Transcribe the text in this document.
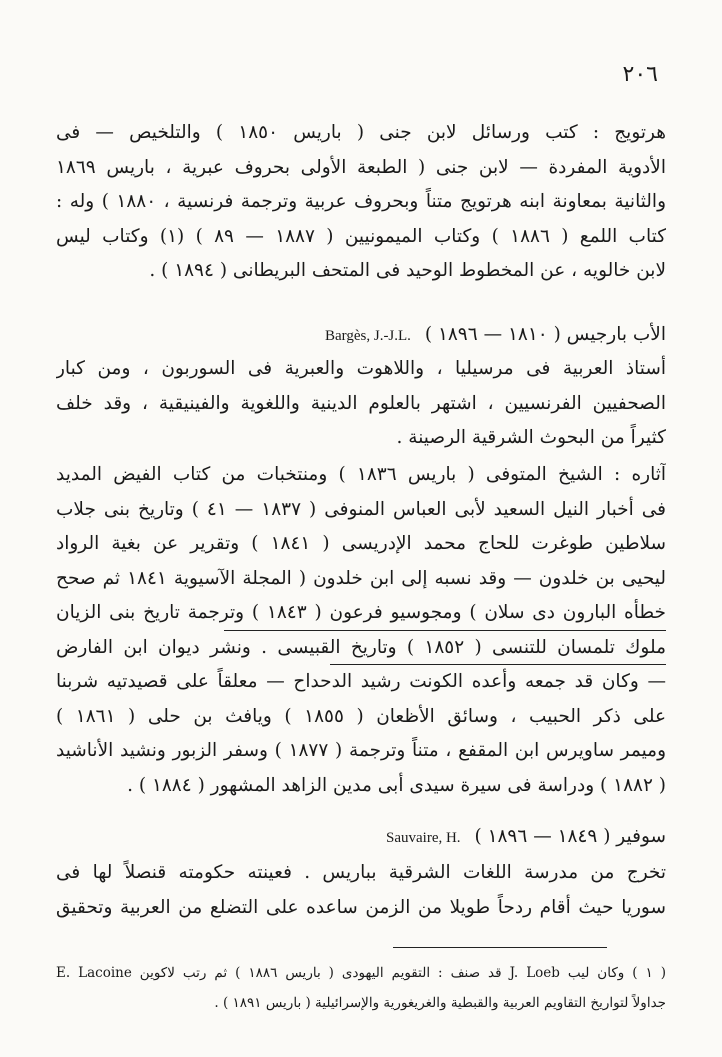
٢٠٦
هرتويج : كتب ورسائل لابن جنى ( باريس ١٨٥٠ ) والتلخيص — فى
الأدوية المفردة — لابن جنى ( الطبعة الأولى بحروف عبرية ، باريس ١٨٦٩
والثانية بمعاونة ابنه هرتويج متناً وبحروف عربية وترجمة فرنسية ، ١٨٨٠ ) وله :
كتاب اللمع ( ١٨٨٦ ) وكتاب الميمونيين ( ١٨٨٧ — ٨٩ ) (١) وكتاب ليس
لابن خالويه ، عن المخطوط الوحيد فى المتحف البريطانى ( ١٨٩٤ ) .
الأب بارجيس ( ١٨١٠ — ١٨٩٦ ) Bargès, J.-J.L.
أستاذ العربية فى مرسيليا ، واللاهوت والعبرية فى السوربون ، ومن كبار
الصحفيين الفرنسيين ، اشتهر بالعلوم الدينية واللغوية والفينيقية ، وقد خلف
كثيراً من البحوث الشرقية الرصينة .
آثاره : الشيخ المتوفى ( باريس ١٨٣٦ ) ومنتخبات من كتاب الفيض المديد
فى أخبار النيل السعيد لأبى العباس المنوفى ( ١٨٣٧ — ٤١ ) وتاريخ بنى جلاب
سلاطين طوغرت للحاج محمد الإدريسى ( ١٨٤١ ) وتقرير عن بغية الرواد
ليحيى بن خلدون — وقد نسبه إلى ابن خلدون ( المجلة الآسيوية ١٨٤١ ثم صحح
خطأه البارون دى سلان ) ومجوسيو فرعون ( ١٨٤٣ ) وترجمة تاريخ بنى الزيان
ملوك تلمسان للتنسى ( ١٨٥٢ ) وتاريخ القبيسى . ونشر ديوان ابن الفارض
— وكان قد جمعه وأعده الكونت رشيد الدحداح — معلقاً على قصيدتيه شربنا
على ذكر الحبيب ، وسائق الأظعان ( ١٨٥٥ ) ويافث بن حلى ( ١٨٦١ )
وميمر ساويرس ابن المقفع ، متناً وترجمة ( ١٨٧٧ ) وسفر الزبور ونشيد الأناشيد
( ١٨٨٢ ) ودراسة فى سيرة سيدى أبى مدين الزاهد المشهور ( ١٨٨٤ ) .
سوفير ( ١٨٤٩ — ١٨٩٦ ) Sauvaire, H.
تخرج من مدرسة اللغات الشرقية بباريس . فعينته حكومته قنصلاً لها فى
سوريا حيث أقام ردحاً طويلا من الزمن ساعده على التضلع من العربية وتحقيق
( ١ ) وكان ليب J. Loeb قد صنف : التقويم اليهودى ( باريس ١٨٨٦ ) ثم رتب لاكوين E. Lacoine
جداولاً لتواريخ التقاويم العربية والقبطية والغريغورية والإسرائيلية ( باريس ١٨٩١ ) .
